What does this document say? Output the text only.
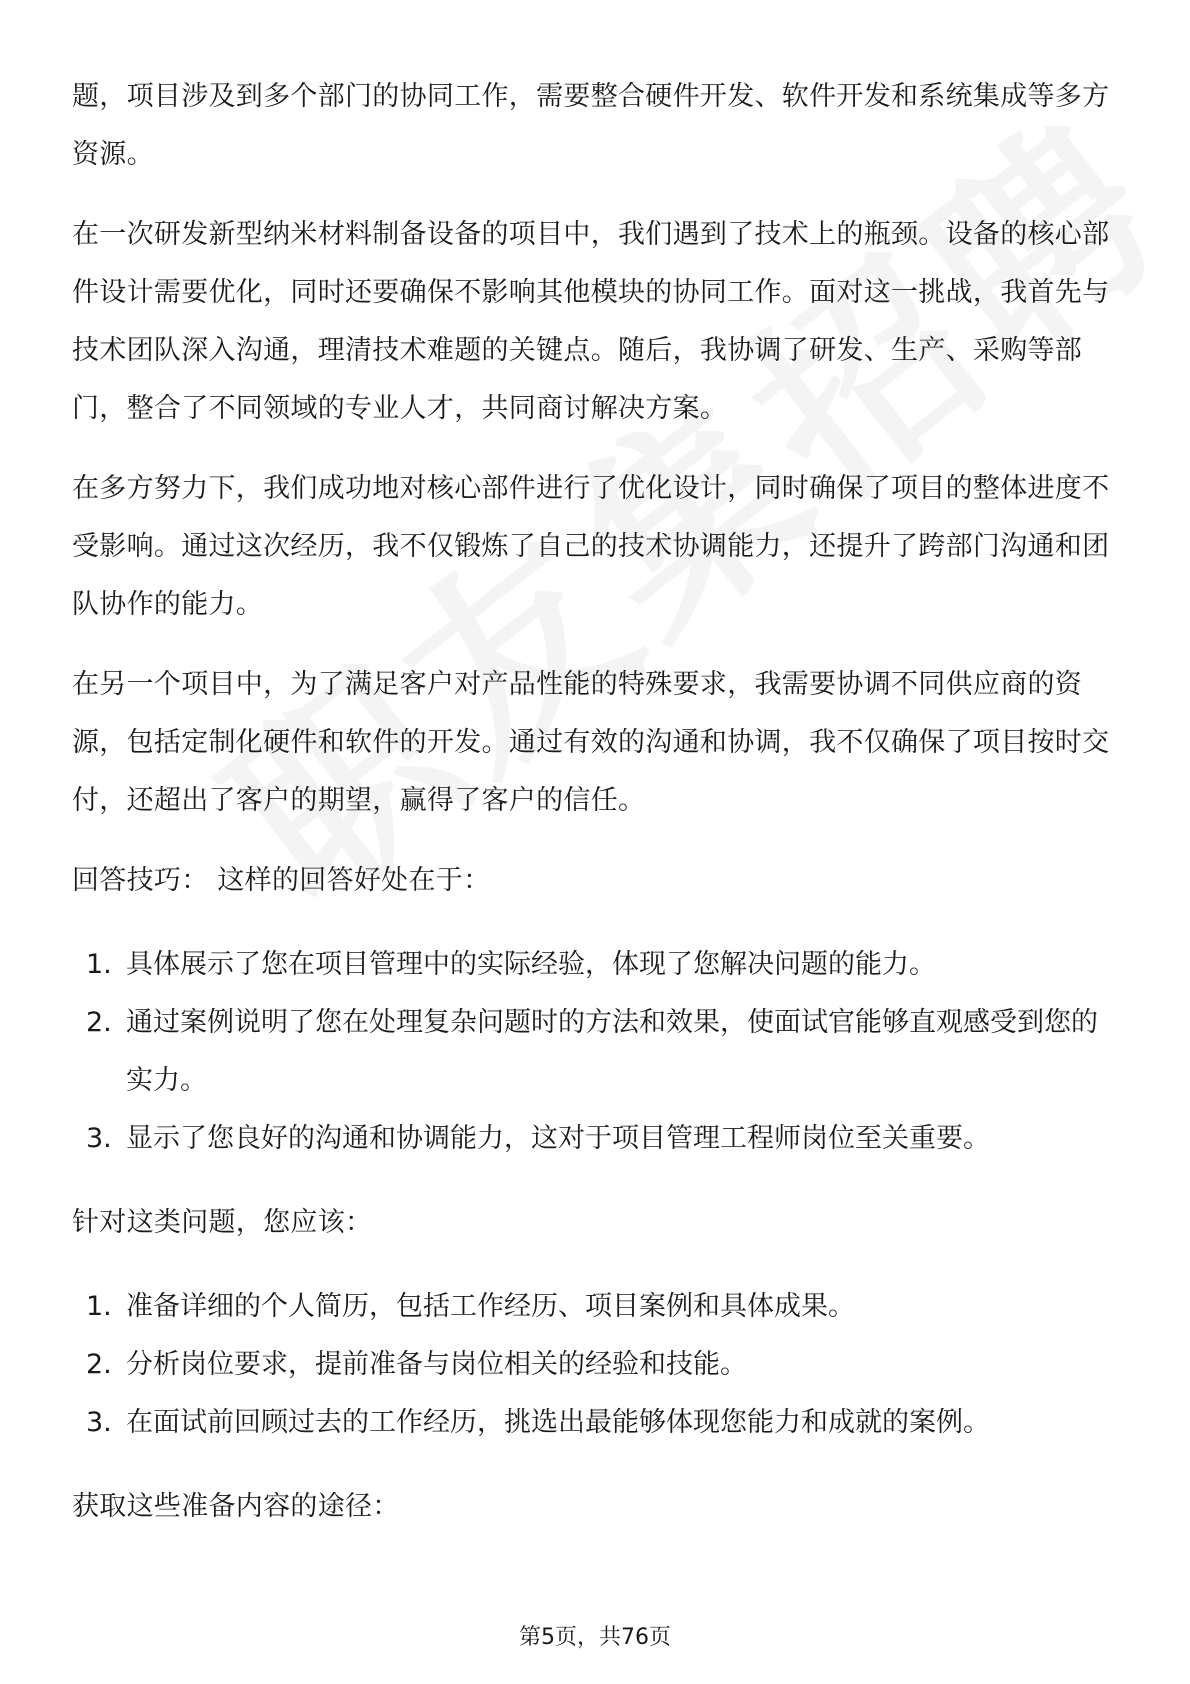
题，项目涉及到多个部门的协同工作，需要整合硬件开发、软件开发和系统集成等多方资源。

在一次研发新型纳米材料制备设备的项目中，我们遇到了技术上的瓶颈。设备的核心部件设计需要优化，同时还要确保不影响其他模块的协同工作。面对这一挑战，我首先与技术团队深入沟通，理清技术难题的关键点。随后，我协调了研发、生产、采购等部门，整合了不同领域的专业人才，共同商讨解决方案。

在多方努力下，我们成功地对核心部件进行了优化设计，同时确保了项目的整体进度不受影响。通过这次经历，我不仅锻炼了自己的技术协调能力，还提升了跨部门沟通和团队协作的能力。

在另一个项目中，为了满足客户对产品性能的特殊要求，我需要协调不同供应商的资源，包括定制化硬件和软件的开发。通过有效的沟通和协调，我不仅确保了项目按时交付，还超出了客户的期望，赢得了客户的信任。

回答技巧： 这样的回答好处在于：

1. 具体展示了您在项目管理中的实际经验，体现了您解决问题的能力。
2. 通过案例说明了您在处理复杂问题时的方法和效果，使面试官能够直观感受到您的实力。
3. 显示了您良好的沟通和协调能力，这对于项目管理工程师岗位至关重要。

针对这类问题，您应该：

1. 准备详细的个人简历，包括工作经历、项目案例和具体成果。
2. 分析岗位要求，提前准备与岗位相关的经验和技能。
3. 在面试前回顾过去的工作经历，挑选出最能够体现您能力和成就的案例。

获取这些准备内容的途径：

第5页，共76页
